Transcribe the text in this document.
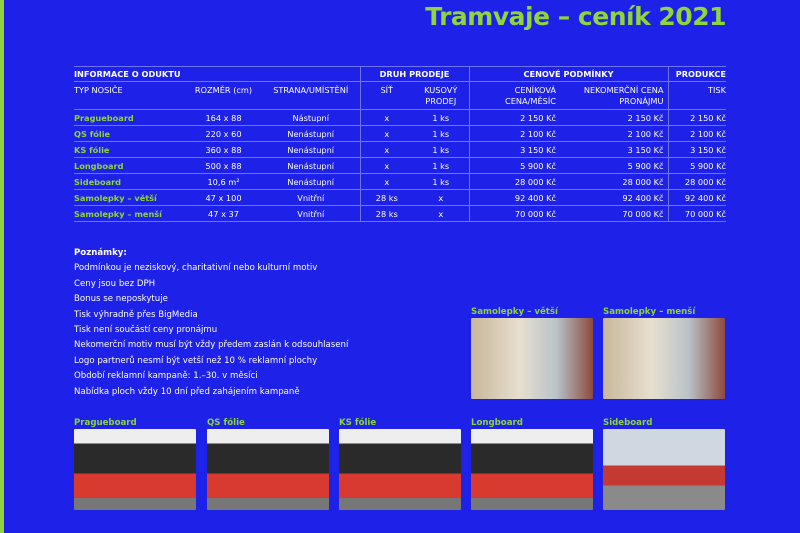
Tramvaje – ceník 2021
INFORMACE O ODUKTU			DRUH PRODEJE		CENOVÉ PODMÍNKY		PRODUKCE
TYP NOSIČE	ROZMĚR (cm)	STRANA/UMÍSTĚNÍ	SÍŤ	KUSOVÝ PRODEJ	CENÍKOVÁ CENA/MĚSÍC	NEKOMERČNÍ CENA PRONÁJMU	TISK
Pragueboard	164 x 88	Nástupní	x	1 ks	2 150 Kč	2 150 Kč	2 150 Kč
QS fólie	220 x 60	Nenástupní	x	1 ks	2 100 Kč	2 100 Kč	2 100 Kč
KS fólie	360 x 88	Nenástupní	x	1 ks	3 150 Kč	3 150 Kč	3 150 Kč
Longboard	500 x 88	Nenástupní	x	1 ks	5 900 Kč	5 900 Kč	5 900 Kč
Sideboard	10,6 m²	Nenástupní	x	1 ks	28 000 Kč	28 000 Kč	28 000 Kč
Samolepky – větší	47 x 100	Vnitřní	28 ks	x	92 400 Kč	92 400 Kč	92 400 Kč
Samolepky – menší	47 x 37	Vnitřní	28 ks	x	70 000 Kč	70 000 Kč	70 000 Kč
Poznámky:
Podmínkou je neziskový, charitativní nebo kulturní motiv
Ceny jsou bez DPH
Bonus se neposkytuje
Tisk výhradně přes BigMedia
Tisk není součástí ceny pronájmu
Nekomerční motiv musí být vždy předem zaslán k odsouhlasení
Logo partnerů nesmí být vetší než 10 % reklamní plochy
Období reklamní kampaně: 1.–30. v měsíci
Nabídka ploch vždy 10 dní před zahájením kampaně
Samolepky – větší	Samolepky – menší
Pragueboard	QS fólie	KS fólie	Longboard	Sideboard
